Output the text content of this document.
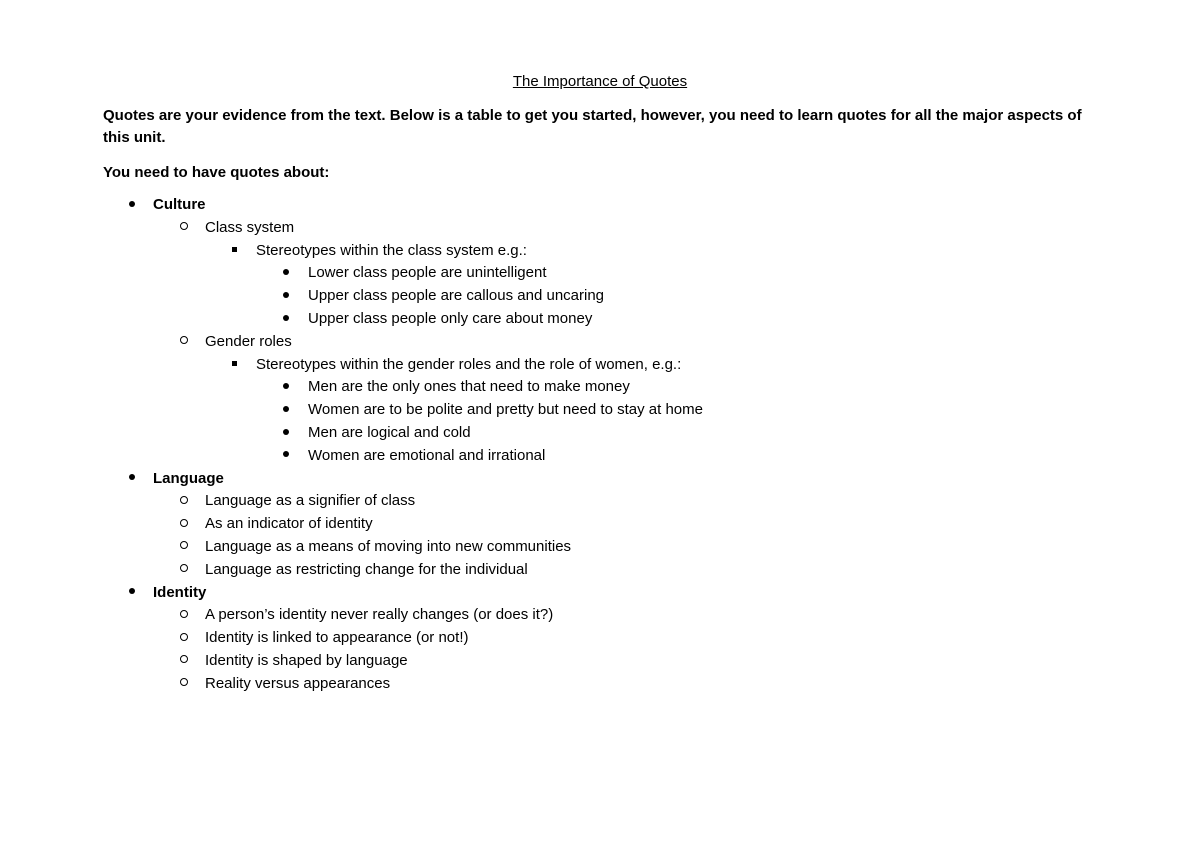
The Importance of Quotes

Quotes are your evidence from the text. Below is a table to get you started, however, you need to learn quotes for all the major aspects of this unit.

You need to have quotes about:

Culture
Class system
Stereotypes within the class system e.g.:
Lower class people are unintelligent
Upper class people are callous and uncaring
Upper class people only care about money
Gender roles
Stereotypes within the gender roles and the role of women, e.g.:
Men are the only ones that need to make money
Women are to be polite and pretty but need to stay at home
Men are logical and cold
Women are emotional and irrational
Language
Language as a signifier of class
As an indicator of identity
Language as a means of moving into new communities
Language as restricting change for the individual
Identity
A person’s identity never really changes (or does it?)
Identity is linked to appearance (or not!)
Identity is shaped by language
Reality versus appearances
